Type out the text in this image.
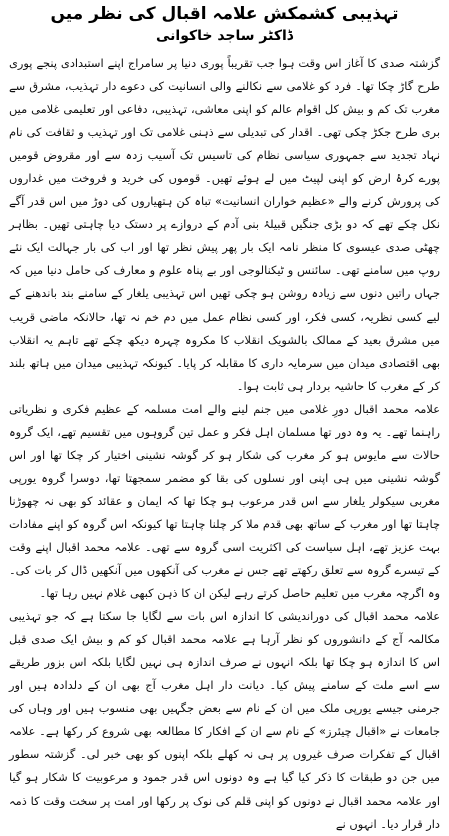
تہذیبی کشمکش علامہ اقبال کی نظر میں
ڈاکٹر ساجد خاکوانی

گزشتہ صدی کا آغاز اس وقت ہوا جب تقریباً پوری دنیا پر سامراج اپنے استبدادی پنجے پوری طرح گاڑ چکا تھا۔ فرد کو غلامی سے نکالنے والی انسانیت کی دعوے دار تہذیب، مشرق سے مغرب تک کم و بیش کل اقوام عالم کو اپنی معاشی، تہذیبی، دفاعی اور تعلیمی غلامی میں بری طرح جکڑ چکی تھی۔ اقدار کی تبدیلی سے ذہنی غلامی تک اور تہذیب و ثقافت کی نام نہاد تجدید سے جمہوری سیاسی نظام کی تاسیس تک آسیب زدہ سے اور مقروض قومیں پورے کرۂ ارض کو اپنی لپیٹ میں لے ہوئے تھیں۔ قوموں کی خرید و فروخت میں غداروں کی پرورش کرنے والے «عظیم خواران انسانیت» تباہ کن ہتھیاروں کی دوڑ میں اس قدر آگے نکل چکے تھے کہ دو بڑی جنگیں قبیلۂ بنی آدم کے دروازے پر دستک دیا چاہتی تھیں۔ بظاہر چھٹی صدی عیسوی کا منظر نامہ ایک بار پھر پیش نظر تھا اور اب کی بار جہالت ایک نئے روپ میں سامنے تھی۔ سائنس و ٹیکنالوجی اور بے پناہ علوم و معارف کی حامل دنیا میں کہ جہاں راتیں دنوں سے زیادہ روشن ہو چکی تھیں اس تہذیبی یلغار کے سامنے بند باندھنے کے لیے کسی نظریہ، کسی فکر، اور کسی نظام عمل میں دم خم نہ تھا، حالانکہ ماضی قریب میں مشرق بعید کے ممالک بالشویک انقلاب کا مکروہ چہرہ دیکھ چکے تھے تاہم یہ انقلاب بھی اقتصادی میدان میں سرمایہ داری کا مقابلہ کر پایا۔ کیونکہ تہذیبی میدان میں ہاتھ بلند کر کے مغرب کا حاشیہ بردار ہی ثابت ہوا۔

علامہ محمد اقبال دورِ غلامی میں جنم لینے والے امت مسلمہ کے عظیم فکری و نظریاتی راہنما تھے۔ یہ وہ دور تھا مسلمان اہل فکر و عمل تین گروہوں میں تقسیم تھے، ایک گروہ حالات سے مایوس ہو کر مغرب کی شکار ہو کر گوشہ نشینی اختیار کر چکا تھا اور اس گوشہ نشینی میں ہی اپنی اور نسلوں کی بقا کو مضمر سمجھتا تھا، دوسرا گروہ یورپی مغربی سیکولر یلغار سے اس قدر مرعوب ہو چکا تھا کہ ایمان و عقائد کو بھی نہ چھوڑنا چاہتا تھا اور مغرب کے ساتھ بھی قدم ملا کر چلنا چاہتا تھا کیونکہ اس گروہ کو اپنے مفادات بہت عزیز تھے، اہل سیاست کی اکثریت اسی گروہ سے تھی۔ علامہ محمد اقبال اپنے وقت کے تیسرے گروہ سے تعلق رکھتے تھے جس نے مغرب کی آنکھوں میں آنکھیں ڈال کر بات کی۔ وہ اگرچہ مغرب میں تعلیم حاصل کرتے رہے لیکن ان کا ذہن کبھی غلام نہیں رہا تھا۔

علامہ محمد اقبال کی دوراندیشی کا اندازہ اس بات سے لگایا جا سکتا ہے کہ جو تہذیبی مکالمہ آج کے دانشوروں کو نظر آرہا ہے علامہ محمد اقبال کو کم و بیش ایک صدی قبل اس کا اندازہ ہو چکا تھا بلکہ انہوں نے صرف اندازہ ہی نہیں لگایا بلکہ اس بزور طریقے سے اسے ملت کے سامنے پیش کیا۔ دیانت دار اہل مغرب آج بھی ان کے دلدادہ ہیں اور جرمنی جیسے یورپی ملک میں ان کے نام سے بعض جگہیں بھی منسوب ہیں اور وہاں کی جامعات نے «اقبال چیئرز» کے نام سے ان کے افکار کا مطالعہ بھی شروع کر رکھا ہے۔ علامہ اقبال کے تفکرات صرف غیروں پر ہی نہ کھلے بلکہ اپنوں کو بھی خبر لی۔ گزشتہ سطور میں جن دو طبقات کا ذکر کیا گیا ہے وہ دونوں اس قدر جمود و مرعوبیت کا شکار ہو گیا اور علامہ محمد اقبال نے دونوں کو اپنی قلم کی نوک پر رکھا اور امت پر سخت وقت کا ذمہ دار قرار دیا۔ انہوں نے
